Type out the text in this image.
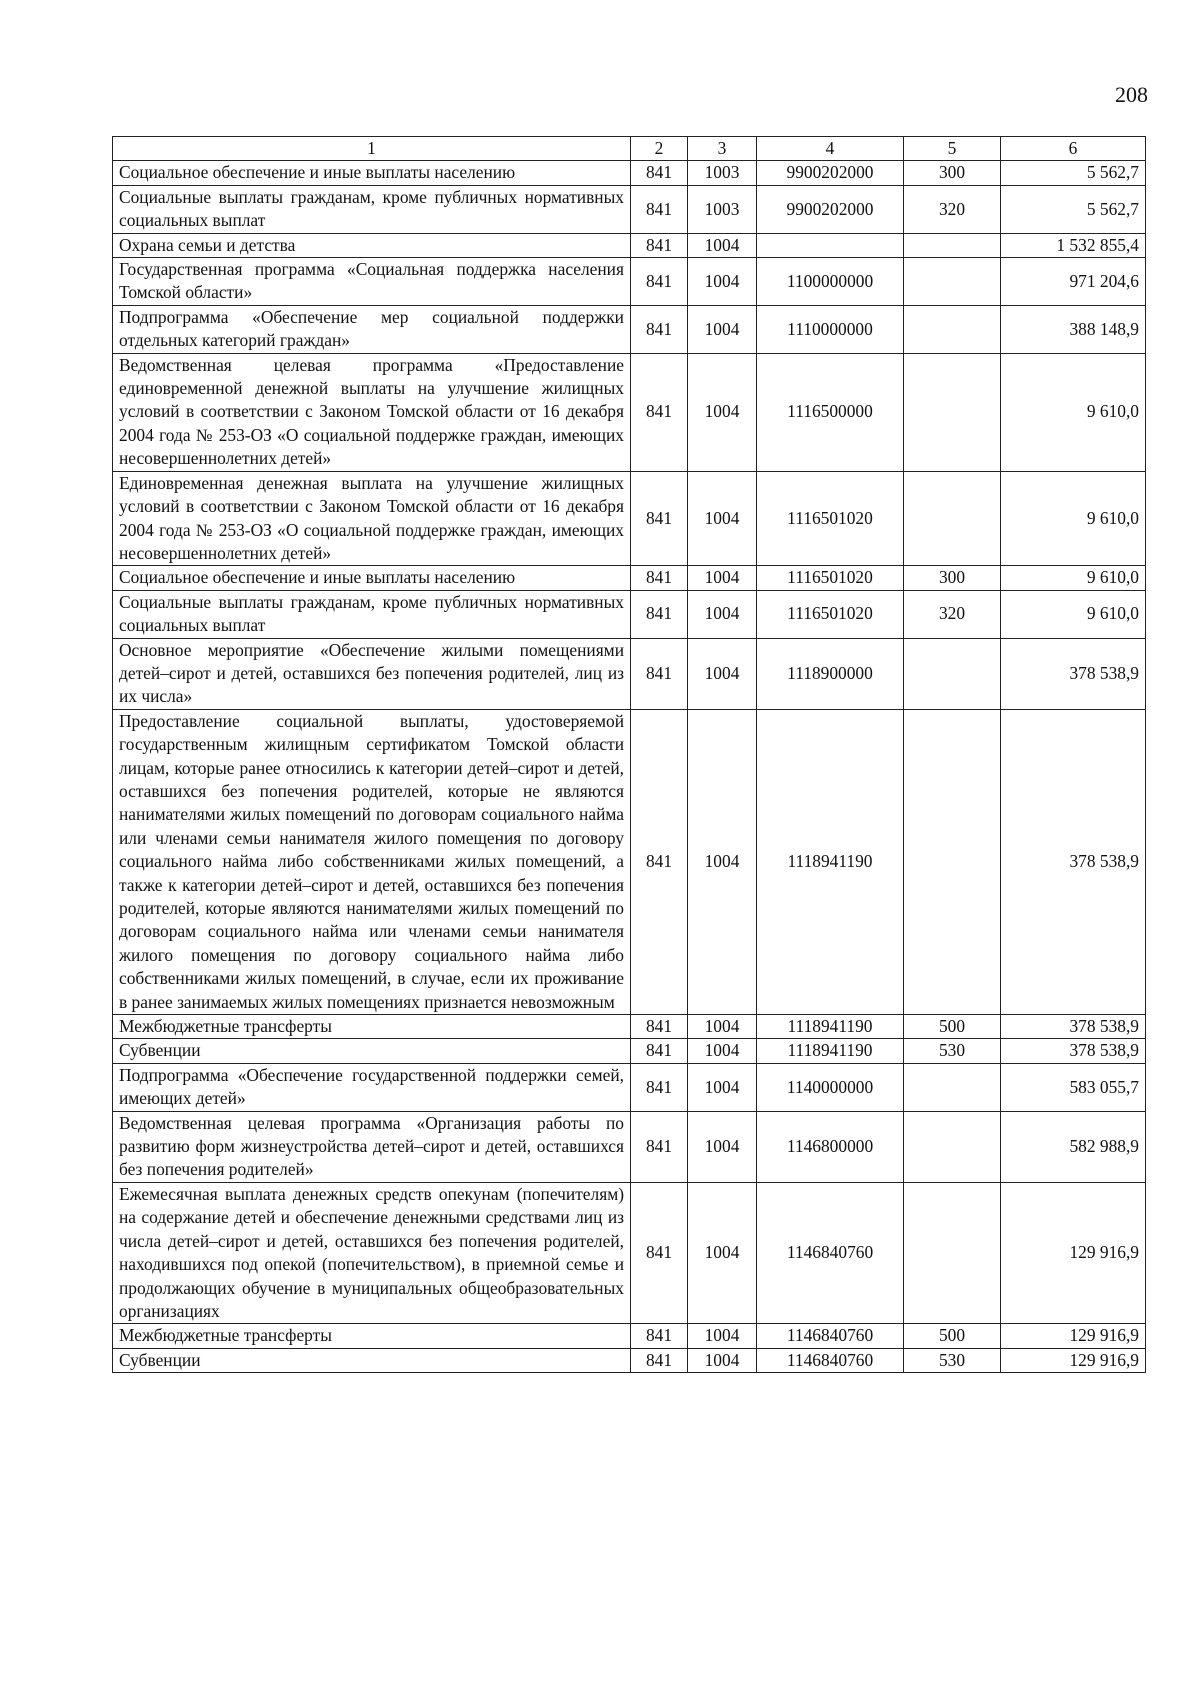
208
1	2	3	4	5	6
Социальное обеспечение и иные выплаты населению	841	1003	9900202000	300	5 562,7
Социальные выплаты гражданам, кроме публичных нормативных социальных выплат	841	1003	9900202000	320	5 562,7
Охрана семьи и детства	841	1004			1 532 855,4
Государственная программа «Социальная поддержка населения Томской области»	841	1004	1100000000		971 204,6
Подпрограмма «Обеспечение мер социальной поддержки отдельных категорий граждан»	841	1004	1110000000		388 148,9
Ведомственная целевая программа «Предоставление единовременной денежной выплаты на улучшение жилищных условий в соответствии с Законом Томской области от 16 декабря 2004 года № 253-ОЗ «О социальной поддержке граждан, имеющих несовершеннолетних детей»	841	1004	1116500000		9 610,0
Единовременная денежная выплата на улучшение жилищных условий в соответствии с Законом Томской области от 16 декабря 2004 года № 253-ОЗ «О социальной поддержке граждан, имеющих несовершеннолетних детей»	841	1004	1116501020		9 610,0
Социальное обеспечение и иные выплаты населению	841	1004	1116501020	300	9 610,0
Социальные выплаты гражданам, кроме публичных нормативных социальных выплат	841	1004	1116501020	320	9 610,0
Основное мероприятие «Обеспечение жилыми помещениями детей–сирот и детей, оставшихся без попечения родителей, лиц из их числа»	841	1004	1118900000		378 538,9
Предоставление социальной выплаты, удостоверяемой государственным жилищным сертификатом Томской области лицам, которые ранее относились к категории детей–сирот и детей, оставшихся без попечения родителей, которые не являются нанимателями жилых помещений по договорам социального найма или членами семьи нанимателя жилого помещения по договору социального найма либо собственниками жилых помещений, а также к категории детей–сирот и детей, оставшихся без попечения родителей, которые являются нанимателями жилых помещений по договорам социального найма или членами семьи нанимателя жилого помещения по договору социального найма либо собственниками жилых помещений, в случае, если их проживание в ранее занимаемых жилых помещениях признается невозможным	841	1004	1118941190		378 538,9
Межбюджетные трансферты	841	1004	1118941190	500	378 538,9
Субвенции	841	1004	1118941190	530	378 538,9
Подпрограмма «Обеспечение государственной поддержки семей, имеющих детей»	841	1004	1140000000		583 055,7
Ведомственная целевая программа «Организация работы по развитию форм жизнеустройства детей–сирот и детей, оставшихся без попечения родителей»	841	1004	1146800000		582 988,9
Ежемесячная выплата денежных средств опекунам (попечителям) на содержание детей и обеспечение денежными средствами лиц из числа детей–сирот и детей, оставшихся без попечения родителей, находившихся под опекой (попечительством), в приемной семье и продолжающих обучение в муниципальных общеобразовательных организациях	841	1004	1146840760		129 916,9
Межбюджетные трансферты	841	1004	1146840760	500	129 916,9
Субвенции	841	1004	1146840760	530	129 916,9
